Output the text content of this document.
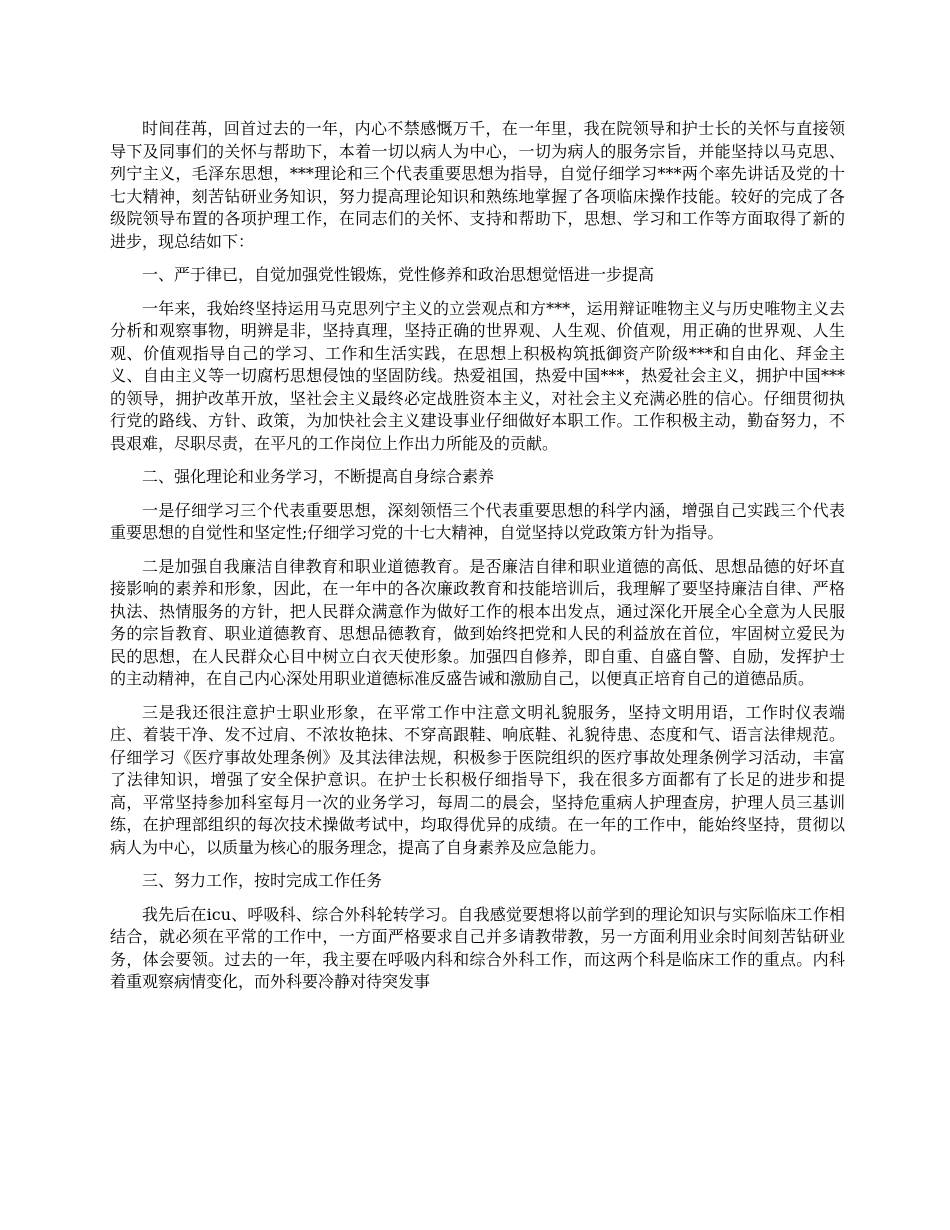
时间荏苒，回首过去的一年，内心不禁感慨万千，在一年里，我在院领导和护士长的关怀与直接领导下及同事们的关怀与帮助下，本着一切以病人为中心，一切为病人的服务宗旨，并能坚持以马克思、列宁主义，毛泽东思想，***理论和三个代表重要思想为指导，自觉仔细学习***两个率先讲话及党的十七大精神，刻苦钻研业务知识，努力提高理论知识和熟练地掌握了各项临床操作技能。较好的完成了各级院领导布置的各项护理工作，在同志们的关怀、支持和帮助下，思想、学习和工作等方面取得了新的进步，现总结如下：

一、严于律已，自觉加强党性锻炼，党性修养和政治思想觉悟进一步提高

一年来，我始终坚持运用马克思列宁主义的立尝观点和方***，运用辩证唯物主义与历史唯物主义去分析和观察事物，明辨是非，坚持真理，坚持正确的世界观、人生观、价值观，用正确的世界观、人生观、价值观指导自己的学习、工作和生活实践，在思想上积极构筑抵御资产阶级***和自由化、拜金主义、自由主义等一切腐朽思想侵蚀的坚固防线。热爱祖国，热爱中国***，热爱社会主义，拥护中国***的领导，拥护改革开放，坚社会主义最终必定战胜资本主义，对社会主义充满必胜的信心。仔细贯彻执行党的路线、方针、政策，为加快社会主义建设事业仔细做好本职工作。工作积极主动，勤奋努力，不畏艰难，尽职尽责，在平凡的工作岗位上作出力所能及的贡献。

二、强化理论和业务学习，不断提高自身综合素养

一是仔细学习三个代表重要思想，深刻领悟三个代表重要思想的科学内涵，增强自己实践三个代表重要思想的自觉性和坚定性;仔细学习党的十七大精神，自觉坚持以党政策方针为指导。

二是加强自我廉洁自律教育和职业道德教育。是否廉洁自律和职业道德的高低、思想品德的好坏直接影响的素养和形象，因此，在一年中的各次廉政教育和技能培训后，我理解了要坚持廉洁自律、严格执法、热情服务的方针，把人民群众满意作为做好工作的根本出发点，通过深化开展全心全意为人民服务的宗旨教育、职业道德教育、思想品德教育，做到始终把党和人民的利益放在首位，牢固树立爱民为民的思想，在人民群众心目中树立白衣天使形象。加强四自修养，即自重、自盛自警、自励，发挥护士的主动精神，在自己内心深处用职业道德标准反盛告诫和激励自己，以便真正培育自己的道德品质。

三是我还很注意护士职业形象，在平常工作中注意文明礼貌服务，坚持文明用语，工作时仪表端庄、着装干净、发不过肩、不浓妆艳抹、不穿高跟鞋、响底鞋、礼貌待患、态度和气、语言法律规范。仔细学习《医疗事故处理条例》及其法律法规，积极参于医院组织的医疗事故处理条例学习活动，丰富了法律知识，增强了安全保护意识。在护士长积极仔细指导下，我在很多方面都有了长足的进步和提高，平常坚持参加科室每月一次的业务学习，每周二的晨会，坚持危重病人护理查房，护理人员三基训练，在护理部组织的每次技术操做考试中，均取得优异的成绩。在一年的工作中，能始终坚持，贯彻以病人为中心，以质量为核心的服务理念，提高了自身素养及应急能力。

三、努力工作，按时完成工作任务

我先后在icu、呼吸科、综合外科轮转学习。自我感觉要想将以前学到的理论知识与实际临床工作相结合，就必须在平常的工作中，一方面严格要求自己并多请教带教，另一方面利用业余时间刻苦钻研业务，体会要领。过去的一年，我主要在呼吸内科和综合外科工作，而这两个科是临床工作的重点。内科着重观察病情变化，而外科要冷静对待突发事
